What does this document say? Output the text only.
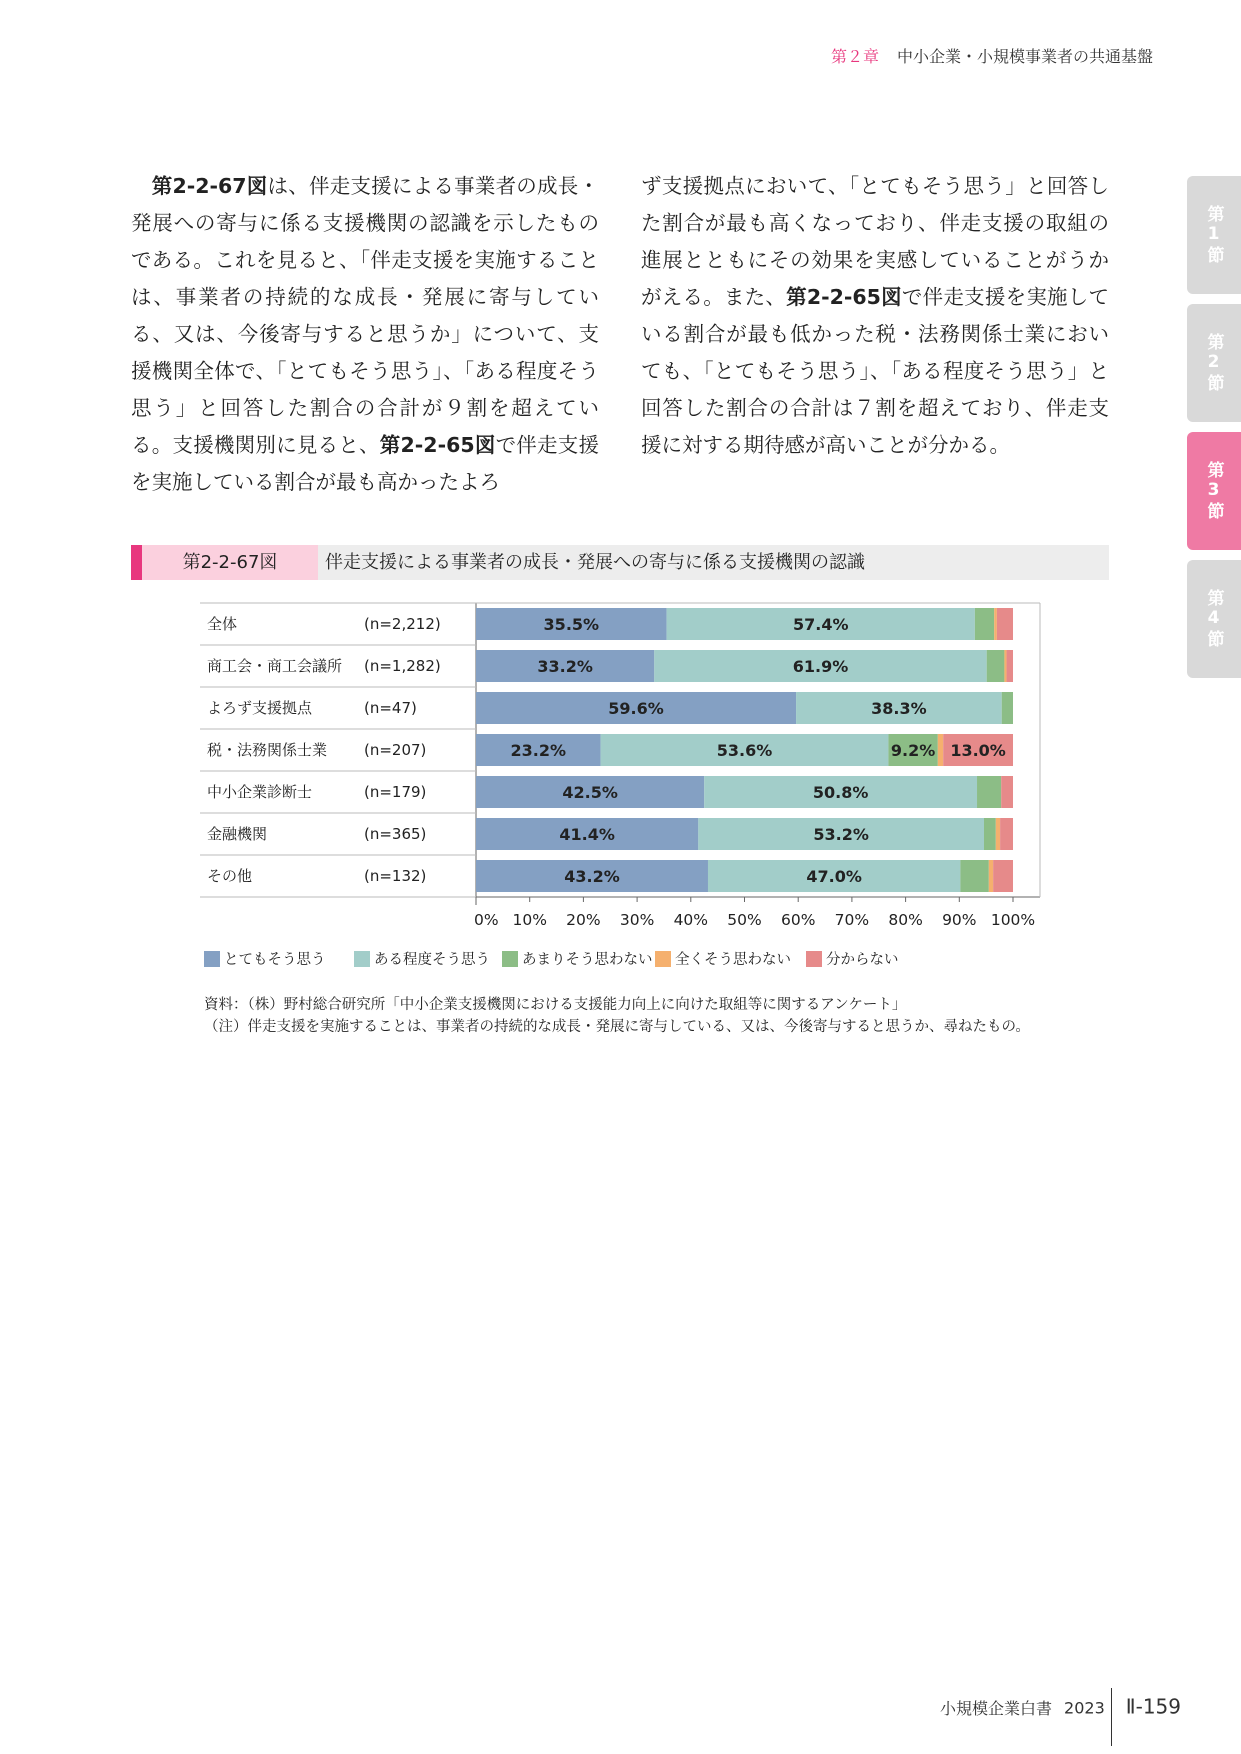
第２章 中小企業・小規模事業者の共通基盤
第1節
第2節
第3節
第4節

　第2-2-67図は、伴走支援による事業者の成長・発展への寄与に係る支援機関の認識を示したものである。これを見ると、「伴走支援を実施することは、事業者の持続的な成長・発展に寄与している、又は、今後寄与すると思うか」について、支援機関全体で、「とてもそう思う」、「ある程度そう思う」と回答した割合の合計が９割を超えている。支援機関別に見ると、第2-2-65図で伴走支援を実施している割合が最も高かったよろ

ず支援拠点において、「とてもそう思う」と回答した割合が最も高くなっており、伴走支援の取組の進展とともにその効果を実感していることがうかがえる。また、第2-2-65図で伴走支援を実施している割合が最も低かった税・法務関係士業においても、「とてもそう思う」、「ある程度そう思う」と回答した割合の合計は７割を超えており、伴走支援に対する期待感が高いことが分かる。

第2-2-67図	伴走支援による事業者の成長・発展への寄与に係る支援機関の認識
全体	(n=2,212)	35.5%	57.4%
商工会・商工会議所 (n=1,282)	33.2%	61.9%
よろず支援拠点	(n=47)	59.6%	38.3%
税・法務関係士業 (n=207)	23.2%	53.6%	9.2% 13.0%
中小企業診断士	(n=179)	42.5%	50.8%
金融機関	(n=365)	41.4%	53.2%
その他	(n=132)	43.2%	47.0%
0% 10% 20% 30% 40% 50% 60% 70% 80% 90% 100%
とてもそう思う	ある程度そう思う あまりそう思わない 全くそう思わない 分からない
資料：（株）野村総合研究所「中小企業支援機関における支援能力向上に向けた取組等に関するアンケート」
（注）伴走支援を実施することは、事業者の持続的な成長・発展に寄与している、又は、今後寄与すると思うか、尋ねたもの。
小規模企業白書 2023 Ⅱ-159
